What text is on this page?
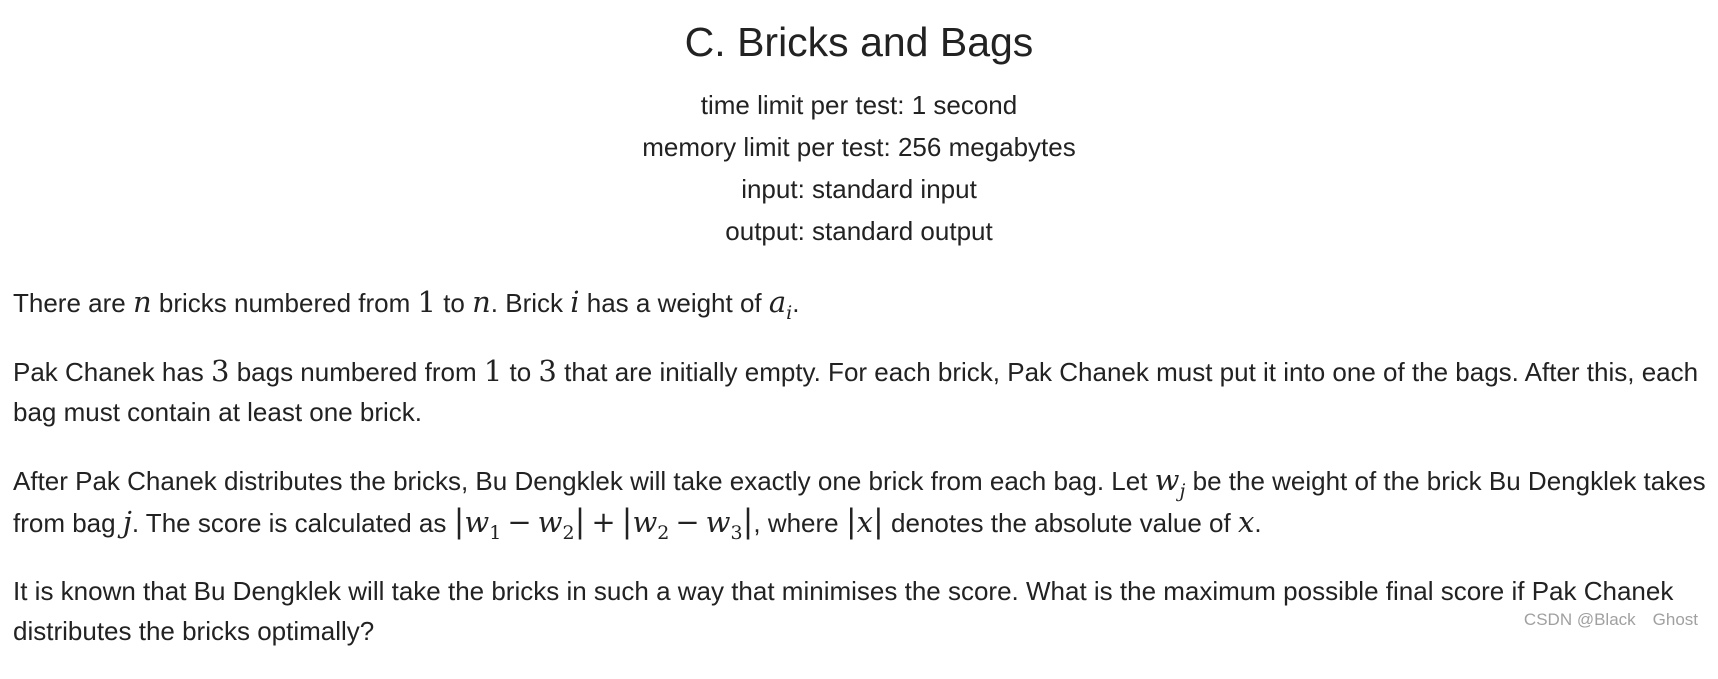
C. Bricks and Bags
time limit per test: 1 second
memory limit per test: 256 megabytes
input: standard input
output: standard output

There are n bricks numbered from 1 to n. Brick i has a weight of $a_i$.

Pak Chanek has 3 bags numbered from 1 to 3 that are initially empty. For each brick, Pak Chanek must put it into one of the bags. After this, each bag must contain at least one brick.

After Pak Chanek distributes the bricks, Bu Dengklek will take exactly one brick from each bag. Let $w_j$ be the weight of the brick Bu Dengklek takes from bag j. The score is calculated as $|w_1 - w_2| + |w_2 - w_3|$, where |x| denotes the absolute value of x.

It is known that Bu Dengklek will take the bricks in such a way that minimises the score. What is the maximum possible final score if Pak Chanek distributes the bricks optimally?	CSDN @Black　Ghost
